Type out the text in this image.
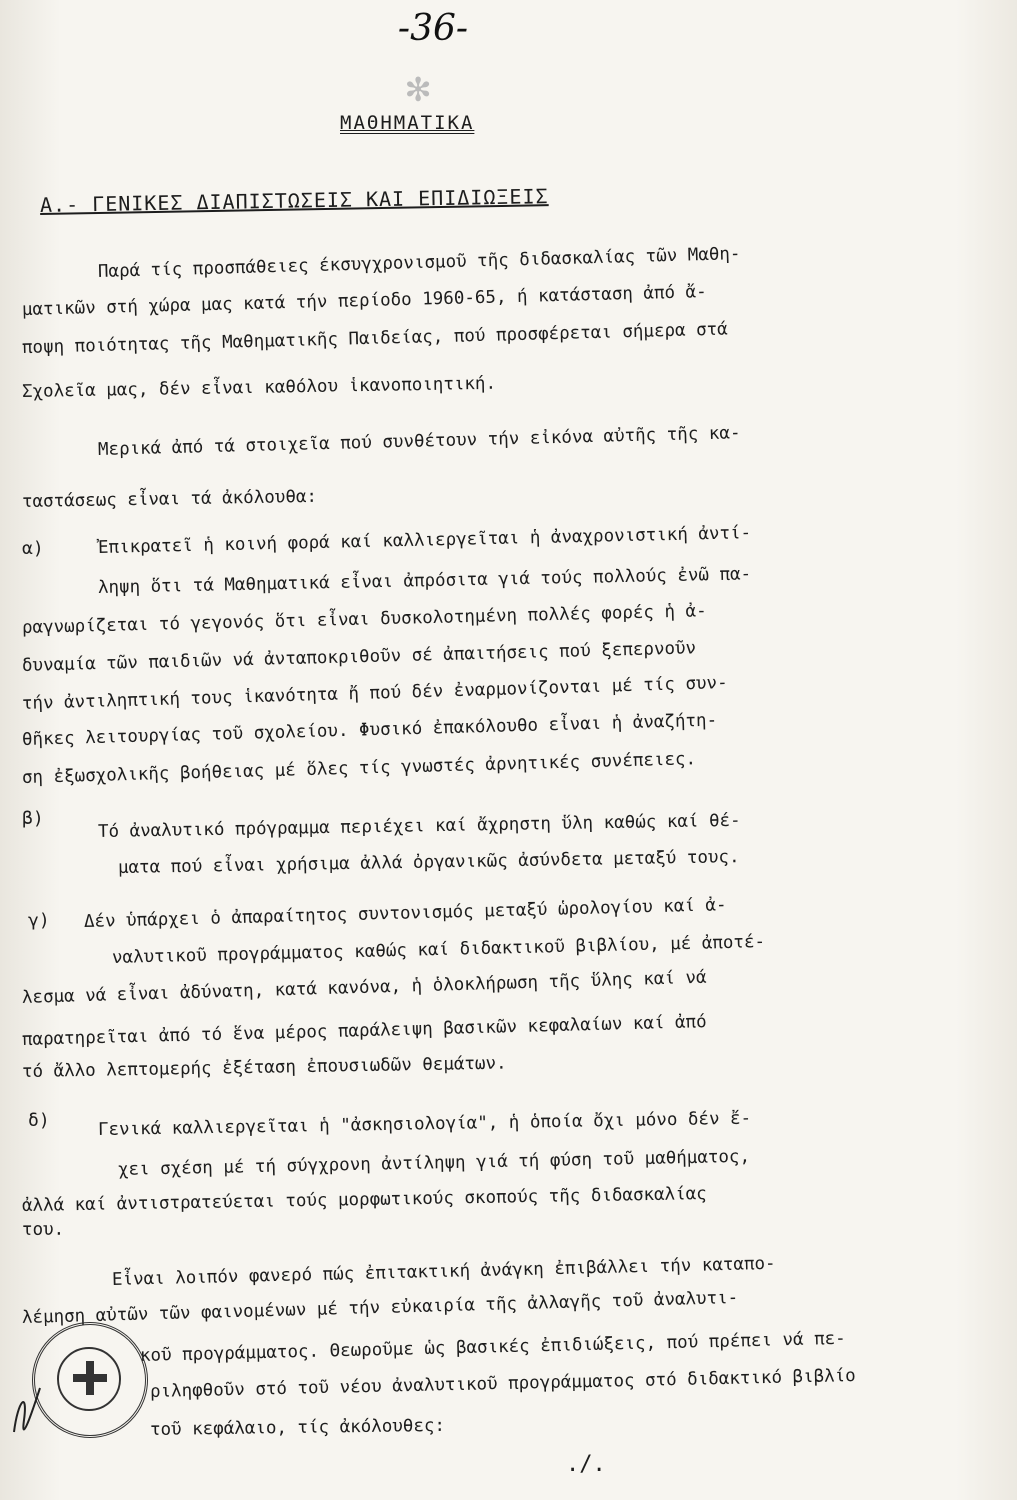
-36-
✻
ΜΑΘΗΜΑΤΙΚΑ
Α.- ΓΕΝΙΚΕΣ ΔΙΑΠΙΣΤΩΣΕΙΣ ΚΑΙ ΕΠΙΔΙΩΞΕΙΣ
Παρά τίς προσπάθειες έκσυγχρονισμοῦ τῆς διδασκαλίας τῶν Μαθη-
ματικῶν στή χώρα μας κατά τήν περίοδο 1960-65, ή κατάσταση ἀπό ἄ-
ποψη ποιότητας τῆς Μαθηματικῆς Παιδείας, πού προσφέρεται σήμερα στά
Σχολεῖα μας, δέν εἶναι καθόλου ἱκανοποιητική.
Μερικά ἀπό τά στοιχεῖα πού συνθέτουν τήν εἰκόνα αὐτῆς τῆς κα-
ταστάσεως εἶναι τά ἀκόλουθα:
α)	Ἐπικρατεῖ ἡ κοινή φορά καί καλλιεργεῖται ἡ ἀναχρονιστική ἀντί-
ληψη ὅτι τά Μαθηματικά εἶναι ἀπρόσιτα γιά τούς πολλούς ἐνῶ πα-
ραγνωρίζεται τό γεγονός ὅτι εἶναι δυσκολοτημένη πολλές φορές ἡ ἀ-
δυναμία τῶν παιδιῶν νά ἀνταποκριθοῦν σέ ἀπαιτήσεις πού ξεπερνοῦν
τήν ἀντιληπτική τους ἱκανότητα ἤ πού δέν ἐναρμονίζονται μέ τίς συν-
θῆκες λειτουργίας τοῦ σχολείου. Φυσικό ἐπακόλουθο εἶναι ἡ ἀναζήτη-
ση ἐξωσχολικῆς βοήθειας μέ ὅλες τίς γνωστές ἀρνητικές συνέπειες.
β)	Τό ἀναλυτικό πρόγραμμα περιέχει καί ἄχρηστη ὕλη καθώς καί θέ-
ματα πού εἶναι χρήσιμα ἀλλά ὀργανικῶς ἀσύνδετα μεταξύ τους.
γ) Δέν ὑπάρχει ὁ ἀπαραίτητος συντονισμός μεταξύ ὡρολογίου καί ἀ-
ναλυτικοῦ προγράμματος καθώς καί διδακτικοῦ βιβλίου, μέ ἀποτέ-
λεσμα νά εἶναι ἀδύνατη, κατά κανόνα, ἡ ὁλοκλήρωση τῆς ὕλης καί νά
παρατηρεῖται ἀπό τό ἕνα μέρος παράλειψη βασικῶν κεφαλαίων καί ἀπό
τό ἄλλο λεπτομερής ἐξέταση ἐπουσιωδῶν θεμάτων.
δ)	Γενικά καλλιεργεῖται ἡ "ἀσκησιολογία", ἡ ὁποία ὄχι μόνο δέν ἔ-
χει σχέση μέ τή σύγχρονη ἀντίληψη γιά τή φύση τοῦ μαθήματος,
ἀλλά καί ἀντιστρατεύεται τούς μορφωτικούς σκοπούς τῆς διδασκαλίας
του.
Εἶναι λοιπόν φανερό πώς ἐπιτακτική ἀνάγκη ἐπιβάλλει τήν καταπο-
λέμηση αὐτῶν τῶν φαινομένων μέ τήν εὐκαιρία τῆς ἀλλαγῆς τοῦ ἀναλυτι-
κοῦ προγράμματος. Θεωροῦμε ὡς βασικές ἐπιδιώξεις, πού πρέπει νά πε-
ριληφθοῦν στό τοῦ νέου ἀναλυτικοῦ προγράμματος στό διδακτικό βιβλίο
τοῦ κεφάλαιο, τίς ἀκόλουθες:
./.
